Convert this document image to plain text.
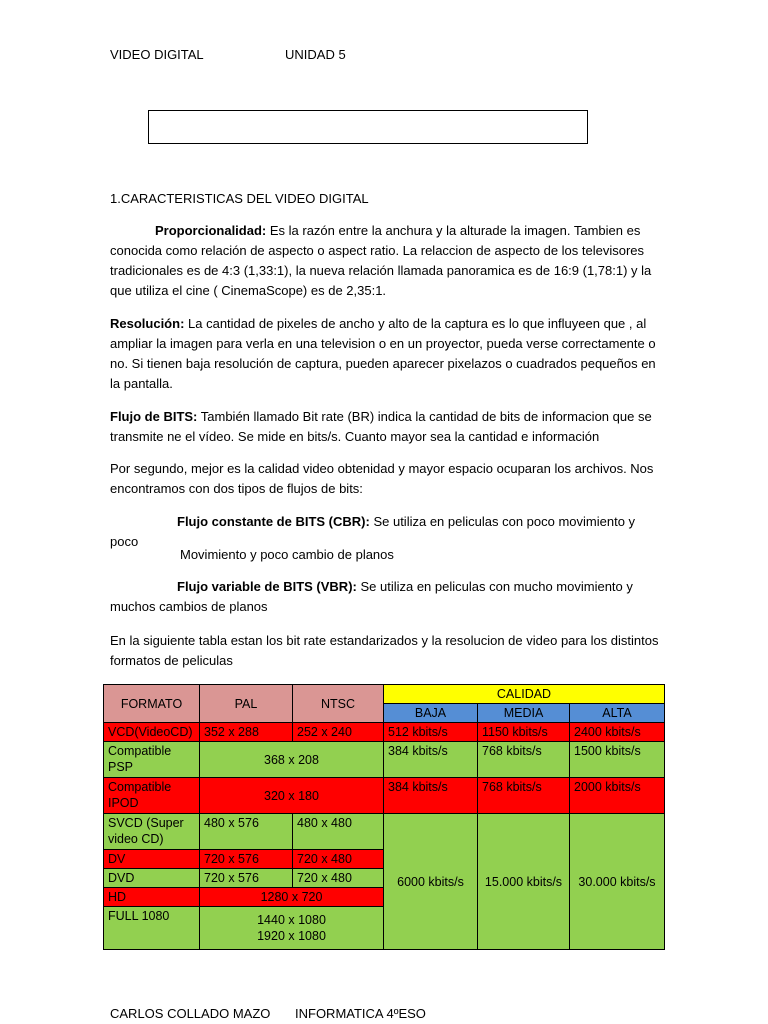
VIDEO DIGITAL	UNIDAD 5
1.CARACTERISTICAS DEL VIDEO DIGITAL

Proporcionalidad: Es la razón entre la anchura y la alturade la imagen. Tambien es conocida como relación de aspecto o aspect ratio. La relaccion de aspecto de los televisores tradicionales es de 4:3 (1,33:1), la nueva relación llamada panoramica es de 16:9 (1,78:1) y la que utiliza el cine ( CinemaScope) es de 2,35:1.

Resolución: La cantidad de pixeles de ancho y alto de la captura es lo que influyeen que , al ampliar la imagen para verla en una television o en un proyector, pueda verse correctamente o no. Si tienen baja resolución de captura, pueden aparecer pixelazos o cuadrados pequeños en la pantalla.

Flujo de BITS: También llamado Bit rate (BR) indica la cantidad de bits de informacion que se transmite ne el vídeo. Se mide en bits/s. Cuanto mayor sea la cantidad e información

Por segundo, mejor es la calidad video obtenidad y mayor espacio ocuparan los archivos. Nos encontramos con dos tipos de flujos de bits:

Flujo constante de BITS (CBR): Se utiliza en peliculas con poco movimiento y poco

Movimiento y poco cambio de planos

Flujo variable de BITS (VBR): Se utiliza en peliculas con mucho movimiento y muchos cambios de planos

En la siguiente tabla estan los bit rate estandarizados y la resolucion de video para los distintos formatos de peliculas

FORMATO	PAL	NTSC	CALIDAD		
			BAJA	MEDIA	ALTA
VCD(VideoCD)	352 x 288	252 x 240	512 kbits/s	1150 kbits/s	2400 kbits/s
Compatible PSP	368 x 208		384 kbits/s	768 kbits/s	1500 kbits/s
Compatible IPOD	320 x 180		384 kbits/s	768 kbits/s	2000 kbits/s
SVCD (Super video CD)	480 x 576	480 x 480	6000 kbits/s	15.000 kbits/s	30.000 kbits/s
DV	720 x 576	720 x 480			
DVD	720 x 576	720 x 480			
HD	1280 x 720				
FULL 1080	1440 x 1080
1920 x 1080				
CARLOS COLLADO MAZO INFORMATICA 4ºESO
